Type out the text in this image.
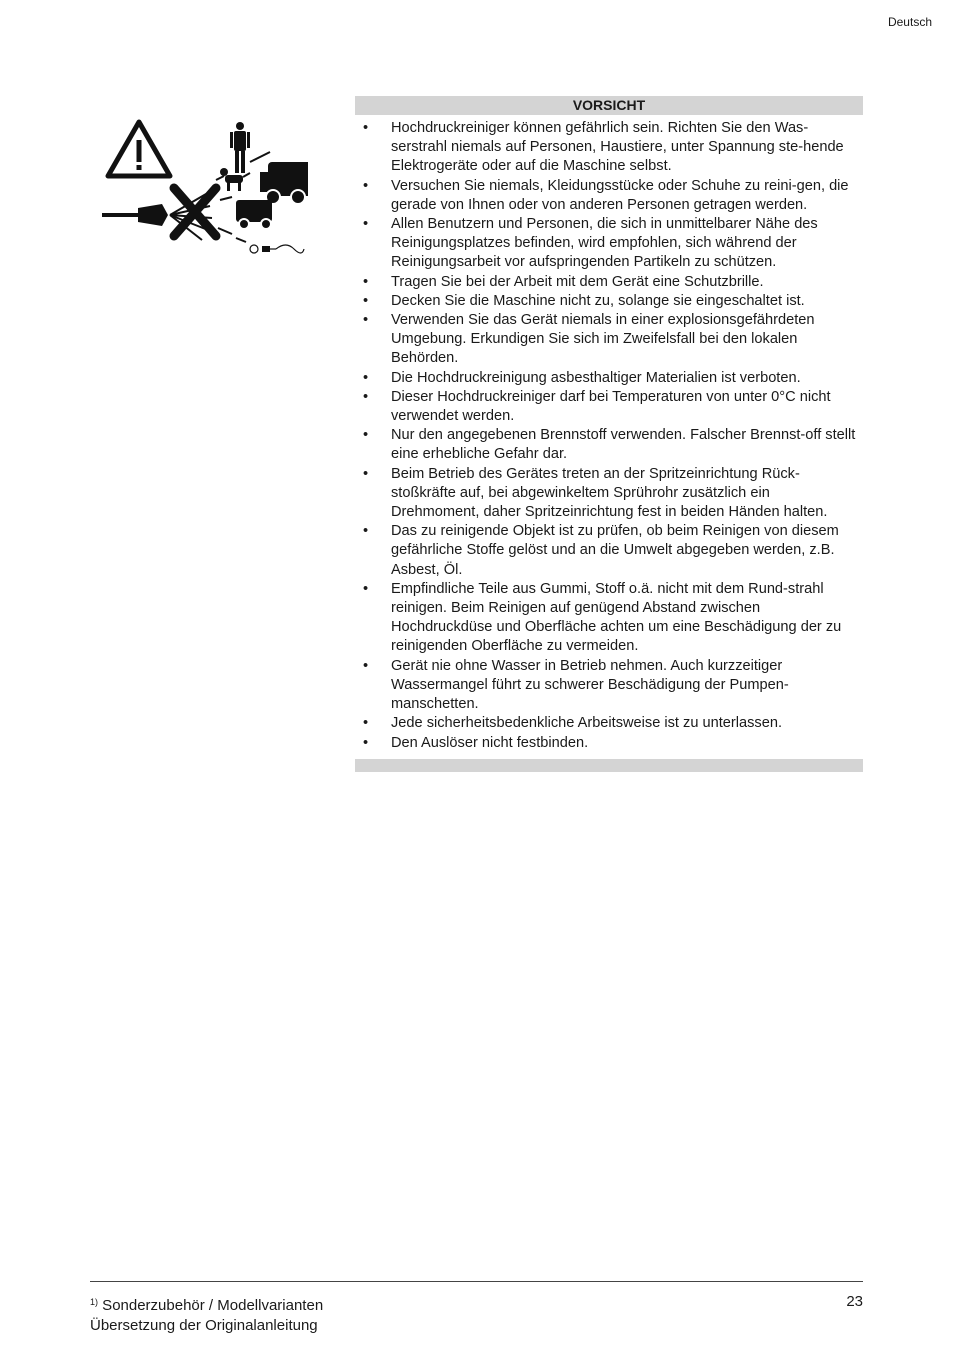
Deutsch
VORSICHT
• Hochdruckreiniger können gefährlich sein. Richten Sie den Was-serstrahl niemals auf Personen, Haustiere, unter Spannung ste-hende Elektrogeräte oder auf die Maschine selbst.
• Versuchen Sie niemals, Kleidungsstücke oder Schuhe zu reini-gen, die gerade von Ihnen oder von anderen Personen getragen werden.
• Allen Benutzern und Personen, die sich in unmittelbarer Nähe des Reinigungsplatzes befinden, wird empfohlen, sich während der Reinigungsarbeit vor aufspringenden Partikeln zu schützen.
• Tragen Sie bei der Arbeit mit dem Gerät eine Schutzbrille.
• Decken Sie die Maschine nicht zu, solange sie eingeschaltet ist.
• Verwenden Sie das Gerät niemals in einer explosionsgefährdeten Umgebung. Erkundigen Sie sich im Zweifelsfall bei den lokalen Behörden.
• Die Hochdruckreinigung asbesthaltiger Materialien ist verboten.
• Dieser Hochdruckreiniger darf bei Temperaturen von unter 0°C nicht verwendet werden.
• Nur den angegebenen Brennstoff verwenden. Falscher Brennst-off stellt eine erhebliche Gefahr dar.
• Beim Betrieb des Gerätes treten an der Spritzeinrichtung Rück-stoßkräfte auf, bei abgewinkeltem Sprührohr zusätzlich ein Drehmoment, daher Spritzeinrichtung fest in beiden Händen halten.
• Das zu reinigende Objekt ist zu prüfen, ob beim Reinigen von diesem gefährliche Stoffe gelöst und an die Umwelt abgegeben werden, z.B. Asbest, Öl.
• Empfindliche Teile aus Gummi, Stoff o.ä. nicht mit dem Rund-strahl reinigen. Beim Reinigen auf genügend Abstand zwischen Hochdruckdüse und Oberfläche achten um eine Beschädigung der zu reinigenden Oberfläche zu vermeiden.
• Gerät nie ohne Wasser in Betrieb nehmen. Auch kurzzeitiger Wassermangel führt zu schwerer Beschädigung der Pumpen-manschetten.
• Jede sicherheitsbedenkliche Arbeitsweise ist zu unterlassen.
• Den Auslöser nicht festbinden.
$^{1)}$ Sonderzubehör / Modellvarianten
Übersetzung der Originalanleitung
23
